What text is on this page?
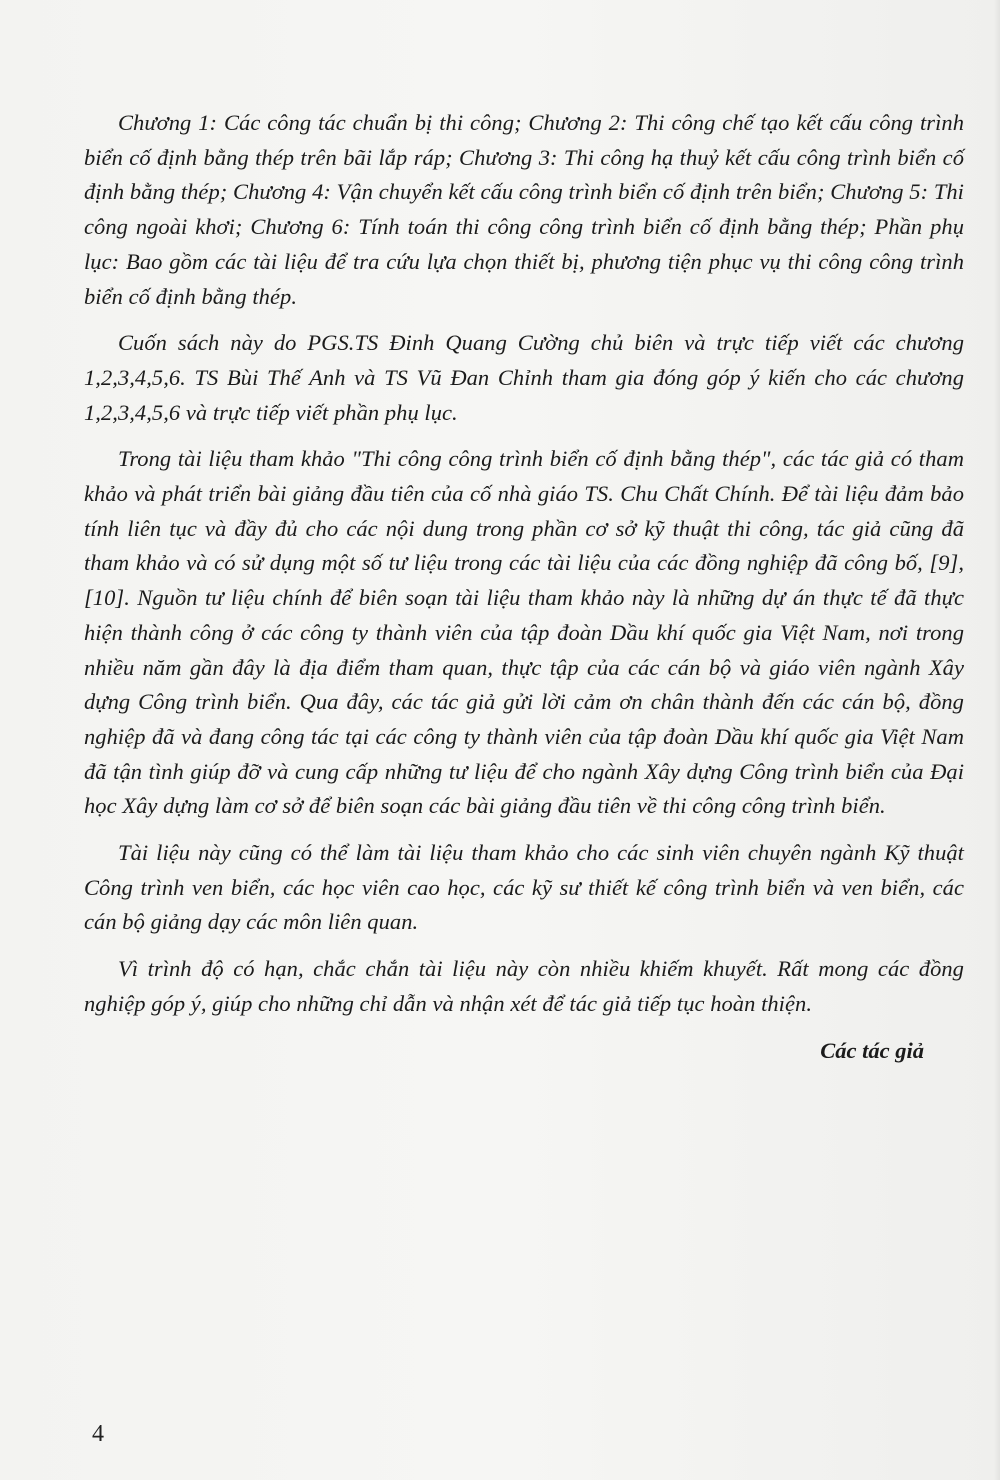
Chương 1: Các công tác chuẩn bị thi công; Chương 2: Thi công chế tạo kết cấu công trình biển cố định bằng thép trên bãi lắp ráp; Chương 3: Thi công hạ thuỷ kết cấu công trình biển cố định bằng thép; Chương 4: Vận chuyển kết cấu công trình biển cố định trên biển; Chương 5: Thi công ngoài khơi; Chương 6: Tính toán thi công công trình biển cố định bằng thép; Phần phụ lục: Bao gồm các tài liệu để tra cứu lựa chọn thiết bị, phương tiện phục vụ thi công công trình biển cố định bằng thép.

Cuốn sách này do PGS.TS Đinh Quang Cường chủ biên và trực tiếp viết các chương 1,2,3,4,5,6. TS Bùi Thế Anh và TS Vũ Đan Chỉnh tham gia đóng góp ý kiến cho các chương 1,2,3,4,5,6 và trực tiếp viết phần phụ lục.

Trong tài liệu tham khảo "Thi công công trình biển cố định bằng thép", các tác giả có tham khảo và phát triển bài giảng đầu tiên của cố nhà giáo TS. Chu Chất Chính. Để tài liệu đảm bảo tính liên tục và đầy đủ cho các nội dung trong phần cơ sở kỹ thuật thi công, tác giả cũng đã tham khảo và có sử dụng một số tư liệu trong các tài liệu của các đồng nghiệp đã công bố, [9], [10]. Nguồn tư liệu chính để biên soạn tài liệu tham khảo này là những dự án thực tế đã thực hiện thành công ở các công ty thành viên của tập đoàn Dầu khí quốc gia Việt Nam, nơi trong nhiều năm gần đây là địa điểm tham quan, thực tập của các cán bộ và giáo viên ngành Xây dựng Công trình biển. Qua đây, các tác giả gửi lời cảm ơn chân thành đến các cán bộ, đồng nghiệp đã và đang công tác tại các công ty thành viên của tập đoàn Dầu khí quốc gia Việt Nam đã tận tình giúp đỡ và cung cấp những tư liệu để cho ngành Xây dựng Công trình biển của Đại học Xây dựng làm cơ sở để biên soạn các bài giảng đầu tiên về thi công công trình biển.

Tài liệu này cũng có thể làm tài liệu tham khảo cho các sinh viên chuyên ngành Kỹ thuật Công trình ven biển, các học viên cao học, các kỹ sư thiết kế công trình biển và ven biển, các cán bộ giảng dạy các môn liên quan.

Vì trình độ có hạn, chắc chắn tài liệu này còn nhiều khiếm khuyết. Rất mong các đồng nghiệp góp ý, giúp cho những chỉ dẫn và nhận xét để tác giả tiếp tục hoàn thiện.

Các tác giả

4
